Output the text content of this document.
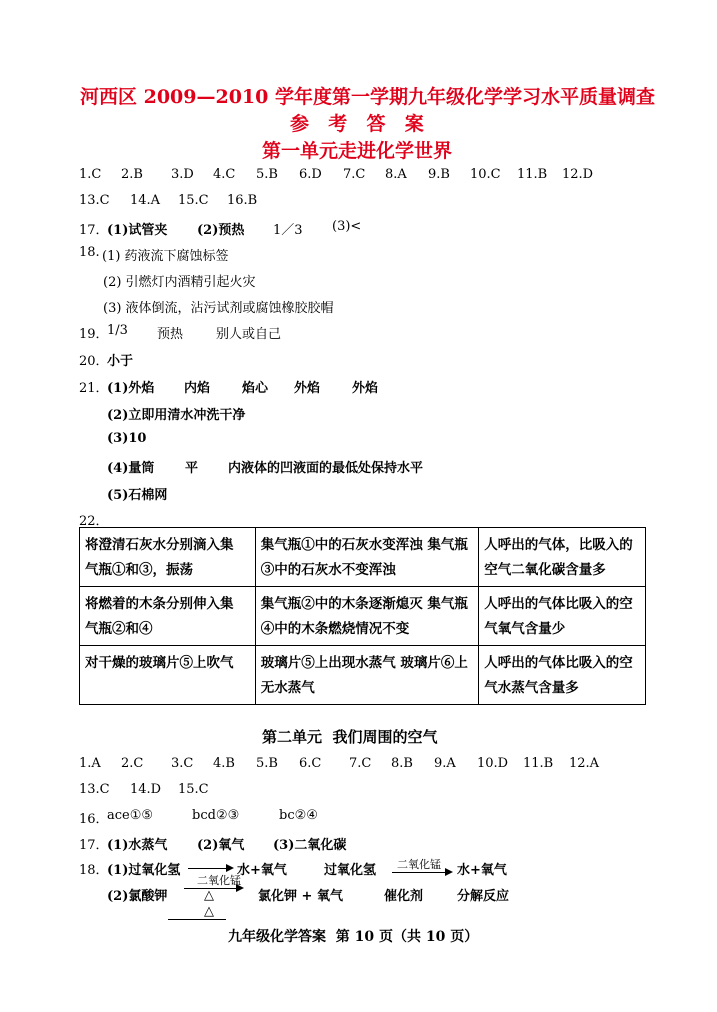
河西区 2009—2010 学年度第一学期九年级化学学习水平质量调查
参  考  答  案
第一单元走进化学世界
1.C 2.B 3.D 4.C 5.B 6.D 7.C 8.A 9.B 10.C 11.B 12.D
13.C 14.A 15.C 16.B
17．
(1)试管夹 (2)预热 1／3 (3)<
18. (1) 药液流下腐蚀标签
(2) 引燃灯内酒精引起火灾
(3) 液体倒流，沾污试剂或腐蚀橡胶胶帽
19．
1/3 预热	别人或自己
20．
小于
21．
(1)外焰 内焰 焰心 外焰 外焰
(2)立即用清水冲洗干净
(3)10
(4)量筒 平 内液体的凹液面的最低处保持水平
(5)石棉网
22．
将澄清石灰水分别滴入集 气瓶①和③，振荡	集气瓶①中的石灰水变浑浊 集气瓶③中的石灰水不变浑浊	人呼出的气体，比吸入的 空气二氧化碳含量多
将燃着的木条分别伸入集 气瓶②和④	集气瓶②中的木条逐渐熄灭 集气瓶④中的木条燃烧情况不变	人呼出的气体比吸入的空 气氧气含量少
对干燥的玻璃片⑤上吹气	玻璃片⑤上出现水蒸气 玻璃片⑥上无水蒸气	人呼出的气体比吸入的空 气水蒸气含量多
第二单元  我们周围的空气
1.A 2.C 3.C 4.B 5.B 6.C 7.C 8.B 9.A 10.D 11.B 12.A
13.C 14.D 15.C
16．
ace①⑤	bcd②③	bc②④
17．
(1)水蒸气 (2)氧气 (3)二氧化碳
18．
(1)过氧化氢	水+氧气	过氧化氢 二氧化锰 水+氧气
(2)氯酸钾
二氧化锰
△	氯化钾 + 氧气	催化剂	分解反应
△
九年级化学答案  第 10 页（共 10 页）
